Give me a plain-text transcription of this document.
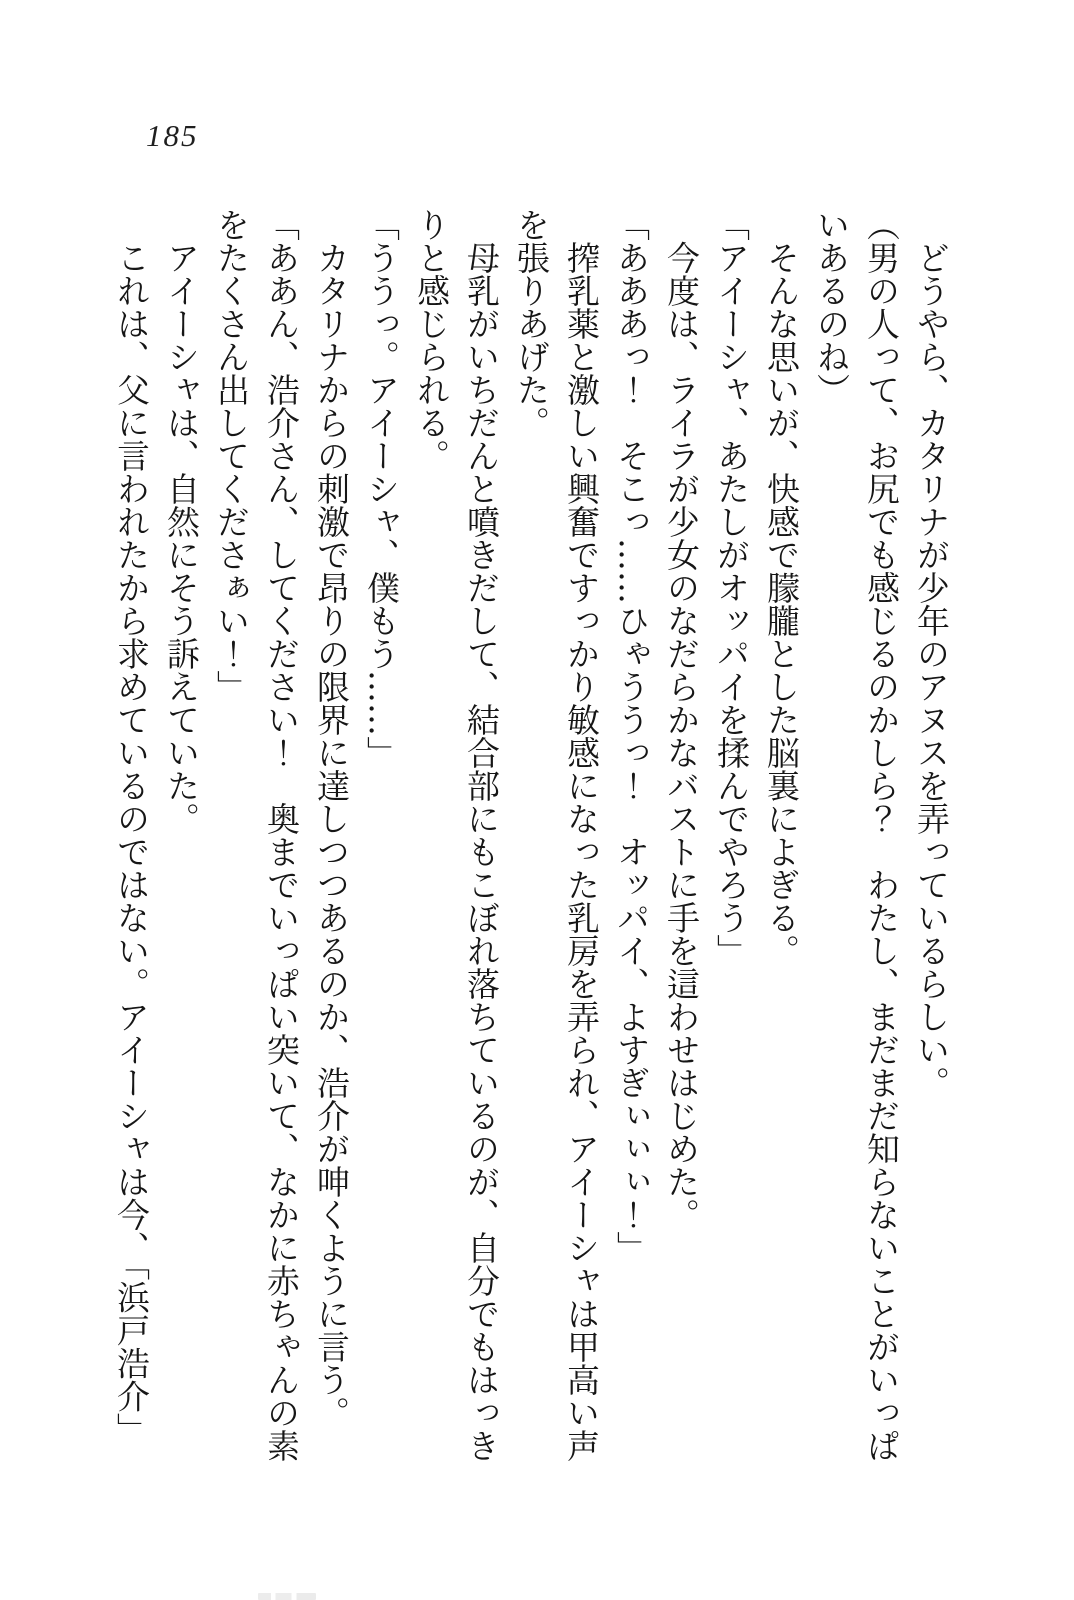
185

　どうやら、カタリナが少年のアヌスを弄っているらしい。

（男の人って、お尻でも感じるのかしら？　わたし、まだまだ知らないことがいっぱ

いあるのね）

　そんな思いが、快感で朦朧とした脳裏によぎる。

「アイーシャ、あたしがオッパイを揉んでやろう」

　今度は、ライラが少女のなだらかなバストに手を這わせはじめた。

「あああっ！　そこっ……ひゃううっ！　オッパイ、よすぎぃぃぃ！」

　搾乳薬と激しい興奮ですっかり敏感になった乳房を弄られ、アイーシャは甲高い声

を張りあげた。

　母乳がいちだんと噴きだして、結合部にもこぼれ落ちているのが、自分でもはっき

りと感じられる。

「ううっ。アイーシャ、僕もう……」

　カタリナからの刺激で昂りの限界に達しつつあるのか、浩介が呻くように言う。

「ああん、浩介さん、してください！　奥までいっぱい突いて、なかに赤ちゃんの素

をたくさん出してくださぁい！」

　アイーシャは、自然にそう訴えていた。

　これは、父に言われたから求めているのではない。アイーシャは今、「浜戸浩介」
